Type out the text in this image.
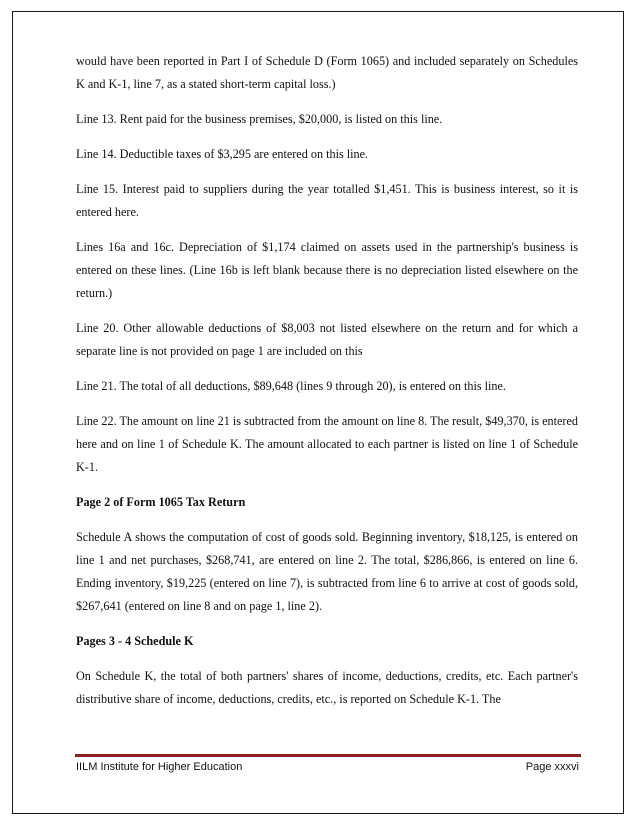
would have been reported in Part I of Schedule D (Form 1065) and included separately on Schedules K and K-1, line 7, as a stated short-term capital loss.)

Line 13. Rent paid for the business premises, $20,000, is listed on this line.

Line 14. Deductible taxes of $3,295 are entered on this line.

Line 15. Interest paid to suppliers during the year totalled $1,451. This is business interest, so it is entered here.

Lines 16a and 16c. Depreciation of $1,174 claimed on assets used in the partnership's business is entered on these lines. (Line 16b is left blank because there is no depreciation listed elsewhere on the return.)

Line 20. Other allowable deductions of $8,003 not listed elsewhere on the return and for which a separate line is not provided on page 1 are included on this

Line 21. The total of all deductions, $89,648 (lines 9 through 20), is entered on this line.

Line 22. The amount on line 21 is subtracted from the amount on line 8. The result, $49,370, is entered here and on line 1 of Schedule K. The amount allocated to each partner is listed on line 1 of Schedule K-1.

Page 2 of Form 1065 Tax Return

Schedule A shows the computation of cost of goods sold. Beginning inventory, $18,125, is entered on line 1 and net purchases, $268,741, are entered on line 2. The total, $286,866, is entered on line 6. Ending inventory, $19,225 (entered on line 7), is subtracted from line 6 to arrive at cost of goods sold, $267,641 (entered on line 8 and on page 1, line 2).

Pages 3 - 4 Schedule K

On Schedule K, the total of both partners' shares of income, deductions, credits, etc. Each partner's distributive share of income, deductions, credits, etc., is reported on Schedule K-1. The

IILM Institute for Higher Education	Page xxxvi
